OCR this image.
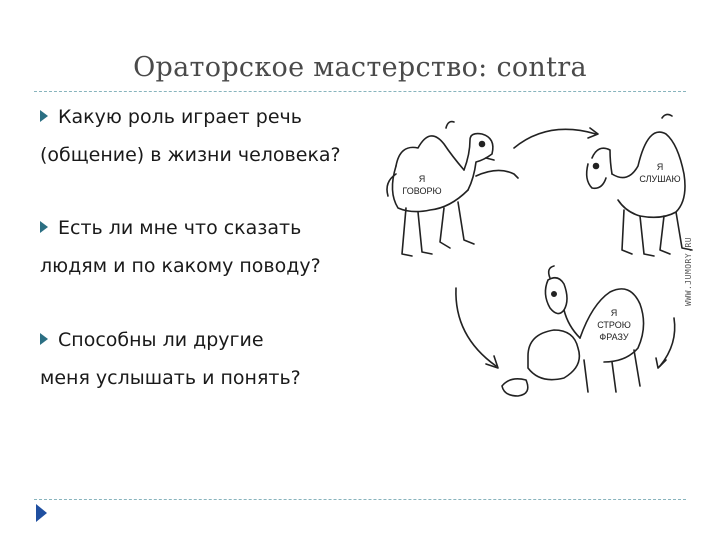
Ораторское мастерство: contra
Какую роль играет речь
(общение) в жизни человека?
Есть ли мне что сказать
людям и по какому поводу?
Способны ли другие
меня услышать и понять?
Я
ГОВОРЮ
Я
СЛУШАЮ
Я
СТРОЮ
ФРАЗУ
WWW.JUMORY.RU
